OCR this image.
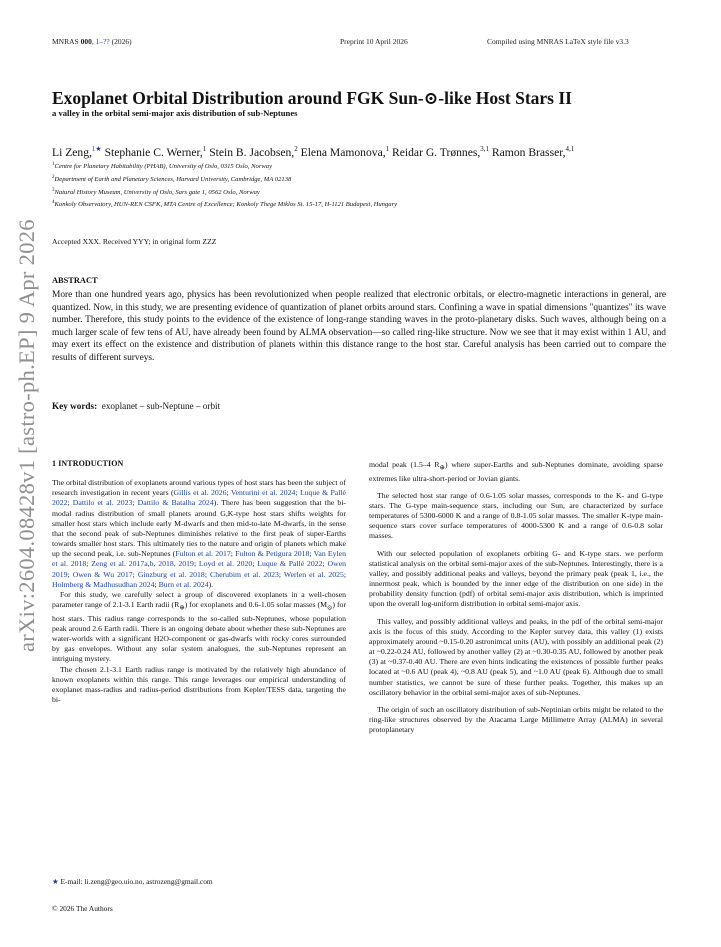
MNRAS 000, 1–?? (2026)	Preprint 10 April 2026	Compiled using MNRAS LaTeX style file v3.3
arXiv:2604.08428v1 [astro-ph.EP] 9 Apr 2026
Exoplanet Orbital Distribution around FGK Sun-⊙-like Host Stars II
a valley in the orbital semi-major axis distribution of sub-Neptunes
Li Zeng,$^{1★}$ Stephanie C. Werner,$^1$ Stein B. Jacobsen,$^2$ Elena Mamonova,$^1$ Reidar G. Trønnes,$^{3,1}$ Ramon Brasser,$^{4,1}$
$^1$Centre for Planetary Habitability (PHAB), University of Oslo, 0315 Oslo, Norway
$^2$Department of Earth and Planetary Sciences, Harvard University, Cambridge, MA 02138
$^3$Natural History Museum, University of Oslo, Sars gate 1, 0562 Oslo, Norway
$^4$Konkoly Observatory, HUN-REN CSFK, MTA Centre of Excellence; Konkoly Thege Miklos St. 15-17, H-1121 Budapest, Hungary
Accepted XXX. Received YYY; in original form ZZZ
ABSTRACT

More than one hundred years ago, physics has been revolutionized when people realized that electronic orbitals, or electro-magnetic interactions in general, are quantized. Now, in this study, we are presenting evidence of quantization of planet orbits around stars. Confining a wave in spatial dimensions "quantizes" its wave number. Therefore, this study points to the evidence of the existence of long-range standing waves in the proto-planetary disks. Such waves, although being on a much larger scale of few tens of AU, have already been found by ALMA observation—so called ring-like structure. Now we see that it may exist within 1 AU, and may exert its effect on the existence and distribution of planets within this distance range to the host star. Careful analysis has been carried out to compare the results of different surveys.

Key words: exoplanet – sub-Neptune – orbit
1 INTRODUCTION

The orbital distribution of exoplanets around various types of host stars has been the subject of research investigation in recent years (Gillis et al. 2026; Venturini et al. 2024; Luque & Pallé 2022; Dattilo et al. 2023; Dattilo & Batalha 2024). There has been suggestion that the bi-modal radius distribution of small planets around G,K-type host stars shifts weights for smaller host stars which include early M-dwarfs and then mid-to-late M-dwarfs, in the sense that the second peak of sub-Neptunes diminishes relative to the first peak of super-Earths towards smaller host stars. This ultimately ties to the nature and origin of planets which make up the second peak, i.e. sub-Neptunes (Fulton et al. 2017; Fulton & Petigura 2018; Van Eylen et al. 2018; Zeng et al. 2017a,b, 2018, 2019; Loyd et al. 2020; Luque & Pallé 2022; Owen 2019; Owen & Wu 2017; Ginzburg et al. 2018; Cherubim et al. 2023; Werlen et al. 2025; Holmberg & Madhusudhan 2024; Burn et al. 2024).

For this study, we carefully select a group of discovered exoplanets in a well-chosen parameter range of 2.1-3.1 Earth radii $(R_\oplus)$ for exoplanets and 0.6-1.05 solar masses $(M_⊙)$ for host stars. This radius range corresponds to the so-called sub-Neptunes, whose population peak around 2.6 Earth radii. There is an ongoing debate about whether these sub-Neptunes are water-worlds with a significant H2O-component or gas-dwarfs with rocky cores surrounded by gas envelopes. Without any solar system analogues, the sub-Neptunes represent an intriguing mystery.

The chosen 2.1-3.1 Earth radius range is motivated by the relatively high abundance of known exoplanets within this range. This range leverages our empirical understanding of exoplanet mass-radius and radius-period distributions from Kepler/TESS data, targeting the bi-

modal peak (1.5–4 $R_\oplus$) where super-Earths and sub-Neptunes dominate, avoiding sparse extremes like ultra-short-period or Jovian giants.

The selected host star range of 0.6-1.05 solar masses, corresponds to the K- and G-type stars. The G-type main-sequence stars, including our Sun, are characterized by surface temperatures of 5300-6000 K and a range of 0.8-1.05 solar masses. The smaller K-type main-sequence stars cover surface temperatures of 4000-5300 K and a range of 0.6-0.8 solar masses.

With our selected population of exoplanets orbiting G- and K-type stars. we perform statistical analysis on the orbital semi-major axes of the sub-Neptunes. Interestingly, there is a valley, and possibly additional peaks and valleys, beyond the primary peak (peak 1, i.e., the innermost peak, which is bounded by the inner edge of the distribution on one side) in the probability density function (pdf) of orbital semi-major axis distribution, which is imprinted upon the overall log-uniform distribution in orbital semi-major axis.

This valley, and possibly additional valleys and peaks, in the pdf of the orbital semi-major axis is the focus of this study. According to the Kepler survey data, this valley (1) exists approximately around ~0.15-0.20 astronimcal units (AU), with possibly an additional peak (2) at ~0.22-0.24 AU, followed by another valley (2) at ~0.30-0.35 AU, followed by another peak (3) at ~0.37-0.40 AU. There are even hints indicating the existences of possible further peaks located at ~0.6 AU (peak 4), ~0.8 AU (peak 5), and ~1.0 AU (peak 6). Although due to small number statistics, we cannot be sure of these further peaks. Together, this makes up an oscillatory behavior in the orbital semi-major axes of sub-Neptunes.

The origin of such an oscillatory distribution of sub-Neptinian orbits might be related to the ring-like structures observed by the Atacama Large Millimetre Array (ALMA) in several protoplanetary

★ E-mail: li.zeng@geo.uio.no, astrozeng@gmail.com
© 2026 The Authors
